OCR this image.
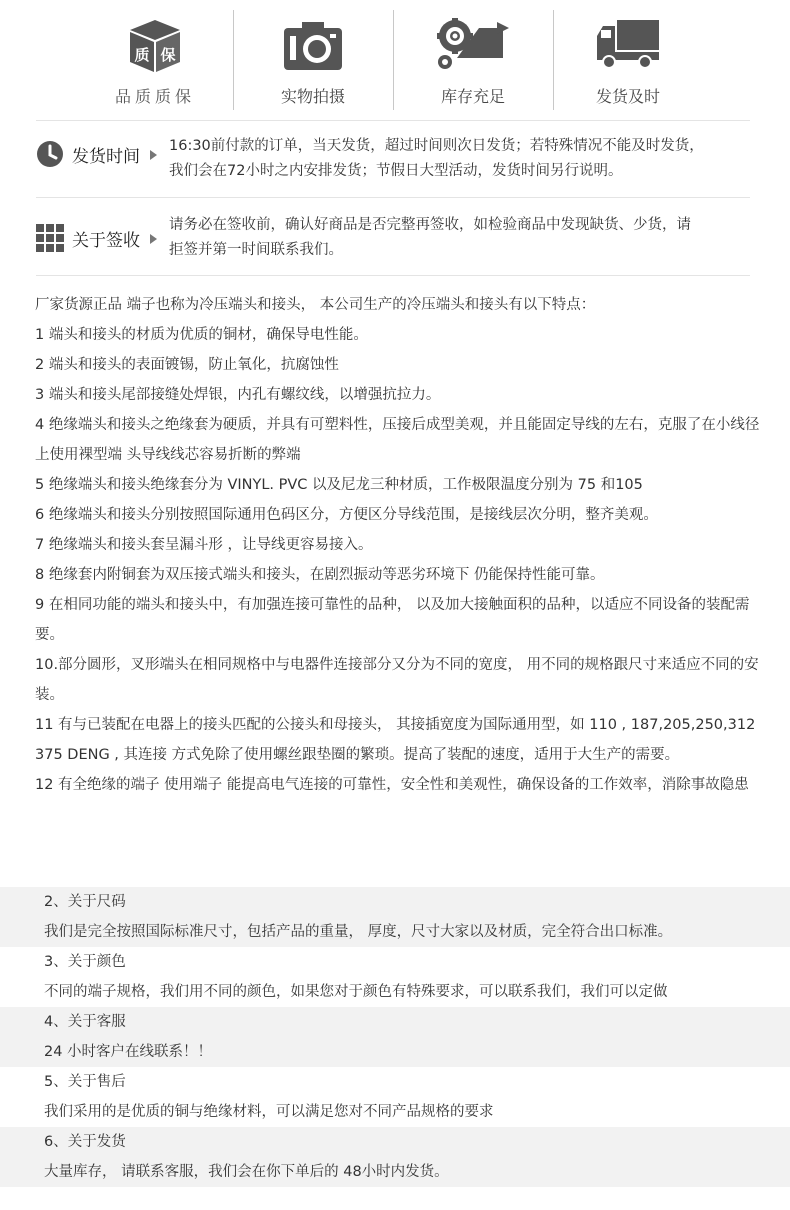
质 保
品质质保	实物拍摄	库存充足	发货及时
发货时间
16:30前付款的订单，当天发货，超过时间则次日发货；若特殊情况不能及时发货，
我们会在72小时之内安排发货；节假日大型活动，发货时间另行说明。
关于签收
请务必在签收前，确认好商品是否完整再签收，如检验商品中发现缺货、少货，请
拒签并第一时间联系我们。

厂家货源正品 端子也称为冷压端头和接头， 本公司生产的冷压端头和接头有以下特点：

1 端头和接头的材质为优质的铜材，确保导电性能。

2 端头和接头的表面镀锡，防止氧化，抗腐蚀性

3 端头和接头尾部接缝处焊银，内孔有螺纹线，以增强抗拉力。

4 绝缘端头和接头之绝缘套为硬质，并具有可塑料性，压接后成型美观，并且能固定导线的左右，克服了在小线径上使用裸型端 头导线线芯容易折断的弊端

5 绝缘端头和接头绝缘套分为 VINYL. PVC 以及尼龙三种材质，工作极限温度分别为 75 和105

6 绝缘端头和接头分别按照国际通用色码区分，方便区分导线范围，是接线层次分明，整齐美观。

7 绝缘端头和接头套呈漏斗形 ，让导线更容易接入。

8 绝缘套内附铜套为双压接式端头和接头，在剧烈振动等恶劣环境下 仍能保持性能可靠。

9 在相同功能的端头和接头中，有加强连接可靠性的品种， 以及加大接触面积的品种，以适应不同设备的装配需要。

10.部分圆形，叉形端头在相同规格中与电器件连接部分又分为不同的宽度， 用不同的规格跟尺寸来适应不同的安装。

11 有与已装配在电器上的接头匹配的公接头和母接头， 其接插宽度为国际通用型，如 110 , 187,205,250,312 375 DENG , 其连接 方式免除了使用螺丝跟垫圈的繁琐。提高了装配的速度，适用于大生产的需要。

12 有全绝缘的端子 使用端子 能提高电气连接的可靠性，安全性和美观性，确保设备的工作效率，消除事故隐患

2、关于尺码
我们是完全按照国际标准尺寸，包括产品的重量， 厚度，尺寸大家以及材质，完全符合出口标准。
3、关于颜色
不同的端子规格，我们用不同的颜色，如果您对于颜色有特殊要求，可以联系我们，我们可以定做
4、关于客服
24 小时客户在线联系！！
5、关于售后
我们采用的是优质的铜与绝缘材料，可以满足您对不同产品规格的要求
6、关于发货
大量库存， 请联系客服，我们会在你下单后的 48小时内发货。
